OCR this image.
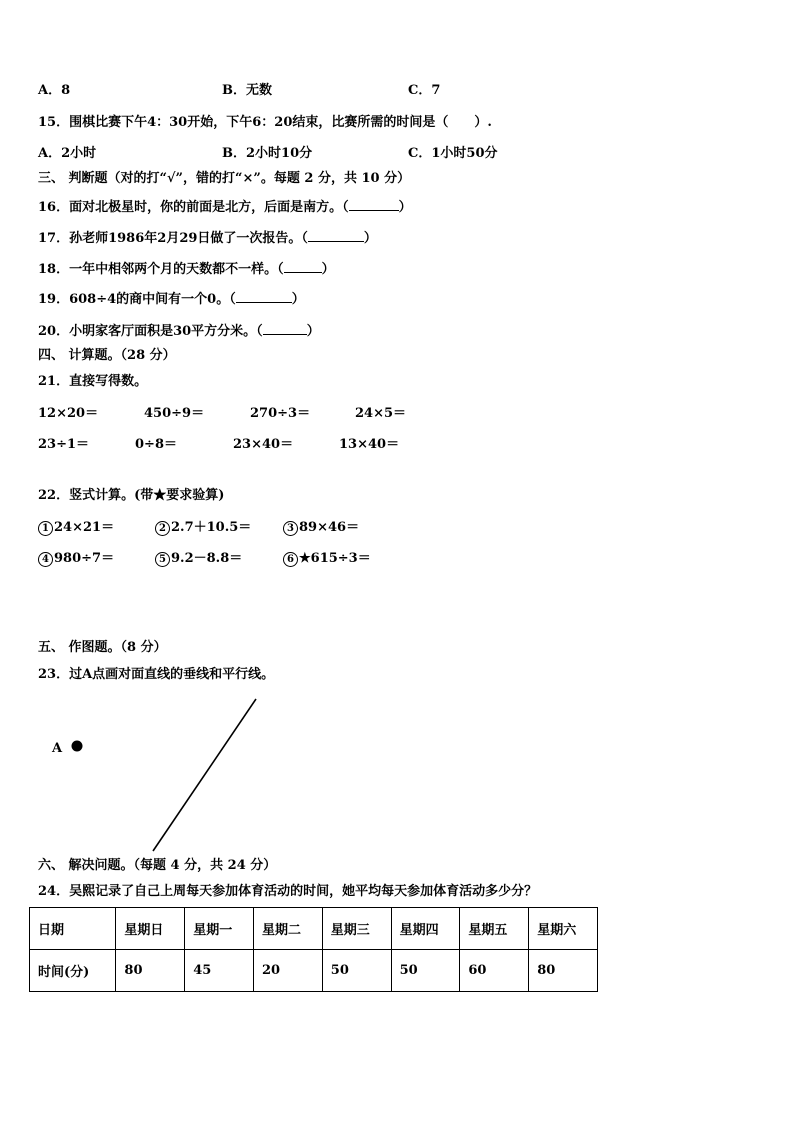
A．8	B．无数	C．7
15．围棋比赛下午4：30开始，下午6：20结束，比赛所需的时间是（　　）.
A．2小时	B．2小时10分	C．1小时50分
三、 判断题（对的打“√”，错的打“×”。每题 2 分，共 10 分）
16．面对北极星时，你的前面是北方，后面是南方。（	）
17．孙老师1986年2月29日做了一次报告。（	）
18．一年中相邻两个月的天数都不一样。（	）
19．608÷4的商中间有一个0。（	）
20．小明家客厅面积是30平方分米。（	）
四、 计算题。（28 分）
21．直接写得数。
12×20＝	450÷9＝	270÷3＝	24×5＝
23÷1＝	0÷8＝	23×40＝	13×40＝
22．竖式计算。(带★要求验算)
1 24×21＝	2 2.7＋10.5＝	3 89×46＝
4 980÷7＝	5 9.2－8.8＝	6 ★615÷3＝
五、 作图题。（8 分）
23．过A点画对面直线的垂线和平行线。
A
六、 解决问题。（每题 4 分，共 24 分）
24．吴熙记录了自己上周每天参加体育活动的时间，她平均每天参加体育活动多少分？
日期	星期日	星期一	星期二	星期三	星期四	星期五	星期六
时间(分)	80	45	20	50	50	60	80
